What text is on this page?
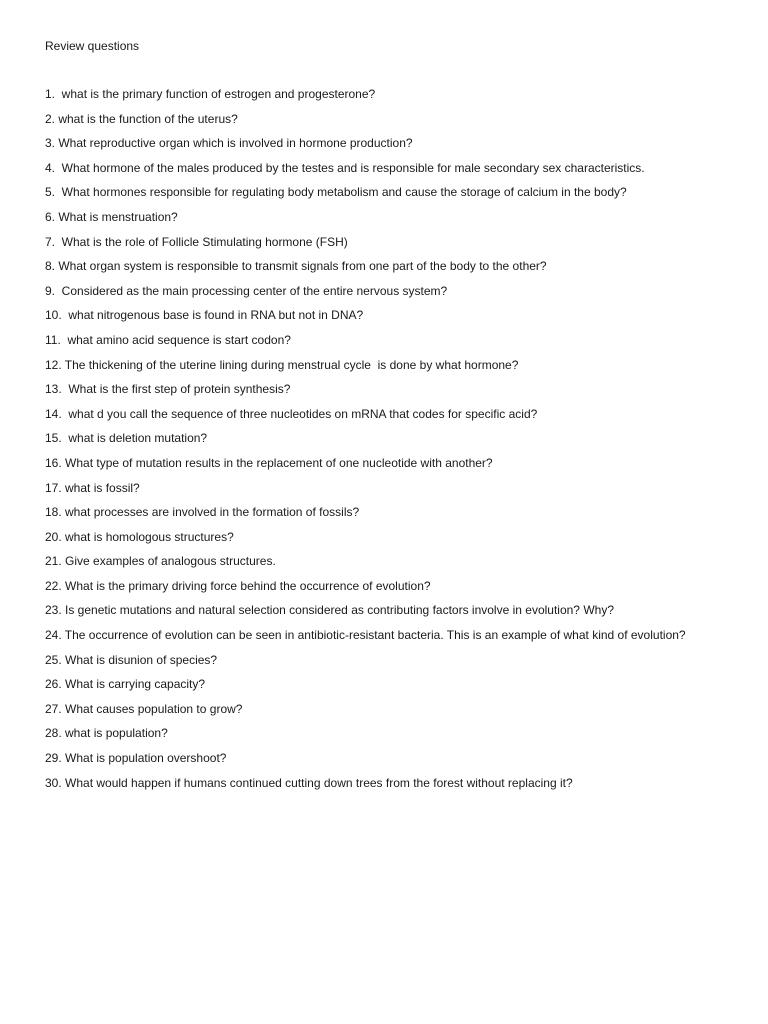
Review questions
1.  what is the primary function of estrogen and progesterone?
2. what is the function of the uterus?
3. What reproductive organ which is involved in hormone production?
4.  What hormone of the males produced by the testes and is responsible for male secondary sex characteristics.
5.  What hormones responsible for regulating body metabolism and cause the storage of calcium in the body?
6. What is menstruation?
7.  What is the role of Follicle Stimulating hormone (FSH)
8. What organ system is responsible to transmit signals from one part of the body to the other?
9.  Considered as the main processing center of the entire nervous system?
10.  what nitrogenous base is found in RNA but not in DNA?
11.  what amino acid sequence is start codon?
12. The thickening of the uterine lining during menstrual cycle  is done by what hormone?
13.  What is the first step of protein synthesis?
14.  what d you call the sequence of three nucleotides on mRNA that codes for specific acid?
15.  what is deletion mutation?
16. What type of mutation results in the replacement of one nucleotide with another?
17. what is fossil?
18. what processes are involved in the formation of fossils?
20. what is homologous structures?
21. Give examples of analogous structures.
22. What is the primary driving force behind the occurrence of evolution?
23. Is genetic mutations and natural selection considered as contributing factors involve in evolution? Why?
24. The occurrence of evolution can be seen in antibiotic-resistant bacteria. This is an example of what kind of evolution?
25. What is disunion of species?
26. What is carrying capacity?
27. What causes population to grow?
28. what is population?
29. What is population overshoot?
30. What would happen if humans continued cutting down trees from the forest without replacing it?
